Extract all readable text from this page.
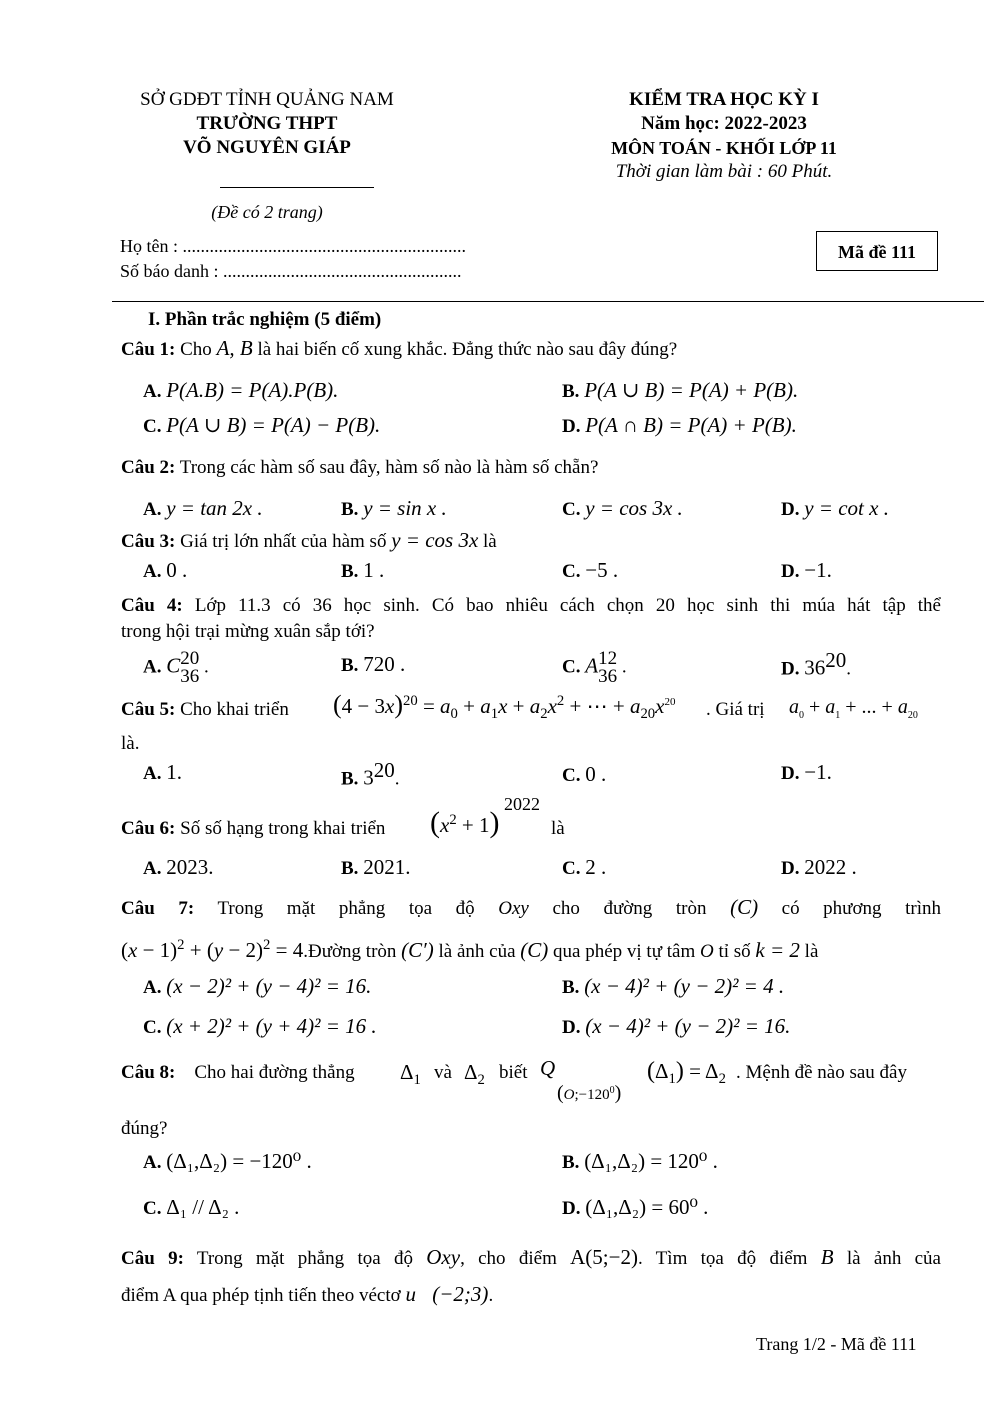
SỞ GDĐT TỈNH QUẢNG NAM
TRƯỜNG THPT
VÕ NGUYÊN GIÁP
(Đề có 2 trang)
KIỂM TRA HỌC KỲ I
Năm học: 2022-2023
MÔN TOÁN - KHỐI LỚP 11
Thời gian làm bài : 60 Phút.
Họ tên : ...............................................................
Số báo danh : .....................................................
Mã đề 111
I. Phần trắc nghiệm (5 điểm)
Câu 1: Cho A, B là hai biến cố xung khắc. Đẳng thức nào sau đây đúng?
A. P(A.B) = P(A).P(B).	B. P(A ∪ B) = P(A) + P(B).
C. P(A ∪ B) = P(A) − P(B).	D. P(A ∩ B) = P(A) + P(B).
Câu 2: Trong các hàm số sau đây, hàm số nào là hàm số chẵn?
A. y = tan 2x .	B. y = sin x .	C. y = cos 3x .	D. y = cot x .
Câu 3: Giá trị lớn nhất của hàm số y = cos 3x là
A. 0 .	B. 1 .	C. −5 .	D. −1.
Câu 4: Lớp 11.3 có 36 học sinh. Có bao nhiêu cách chọn 20 học sinh thi múa hát tập thể
trong hội trại mừng xuân sắp tới?
A. C 20
36 .	B. 720 .	C. A 12
36 .	D. $36^{20}$.
Câu 5: Cho khai triển $(4 - 3x)^{20} = a_0 + a_1x + a_2x^2$ + ⋯ + $a_{20}x^{20}$ . Giá trị $a_0 + a_1$ + ... + $a_{20}$
là.
A. 1.	B. $3^{20}$.	C. 0 .	D. −1.
Câu 6: Số số hạng trong khai triển $(x^2 + 1)$
2022
là
A. 2023.	B. 2021.	C. 2 .	D. 2022 .
Câu 7: Trong mặt phẳng tọa độ Oxy cho đường tròn (C) có phương trình
$(x - 1)^2 + (y - 2)^2$ = 4.Đường tròn (C′) là ảnh của (C) qua phép vị tự tâm O tỉ số k = 2 là
A. (x − 2)² + (y − 4)² = 16.	B. (x − 4)² + (y − 2)² = 4 .
C. (x + 2)² + (y + 4)² = 16 .	D. (x − 4)² + (y − 2)² = 16.
Câu 8: Cho hai đường thẳng $\Delta_1$ và $\Delta_2$ biết Q
$(O;-120^0)$
$(\Delta_1) = \Delta_2$ . Mệnh đề nào sau đây
đúng?
A. (Δ₁,Δ₂) = −120⁰ .	B. (Δ₁,Δ₂) = 120⁰ .
C. Δ₁ // Δ₂ .	D. (Δ₁,Δ₂) = 60⁰ .
Câu 9: Trong mặt phẳng tọa độ Oxy, cho điểm A(5;−2). Tìm tọa độ điểm B là ảnh của
điểm A qua phép tịnh tiến theo véctơ u⃗(−2;3).
Trang 1/2 - Mã đề 111
